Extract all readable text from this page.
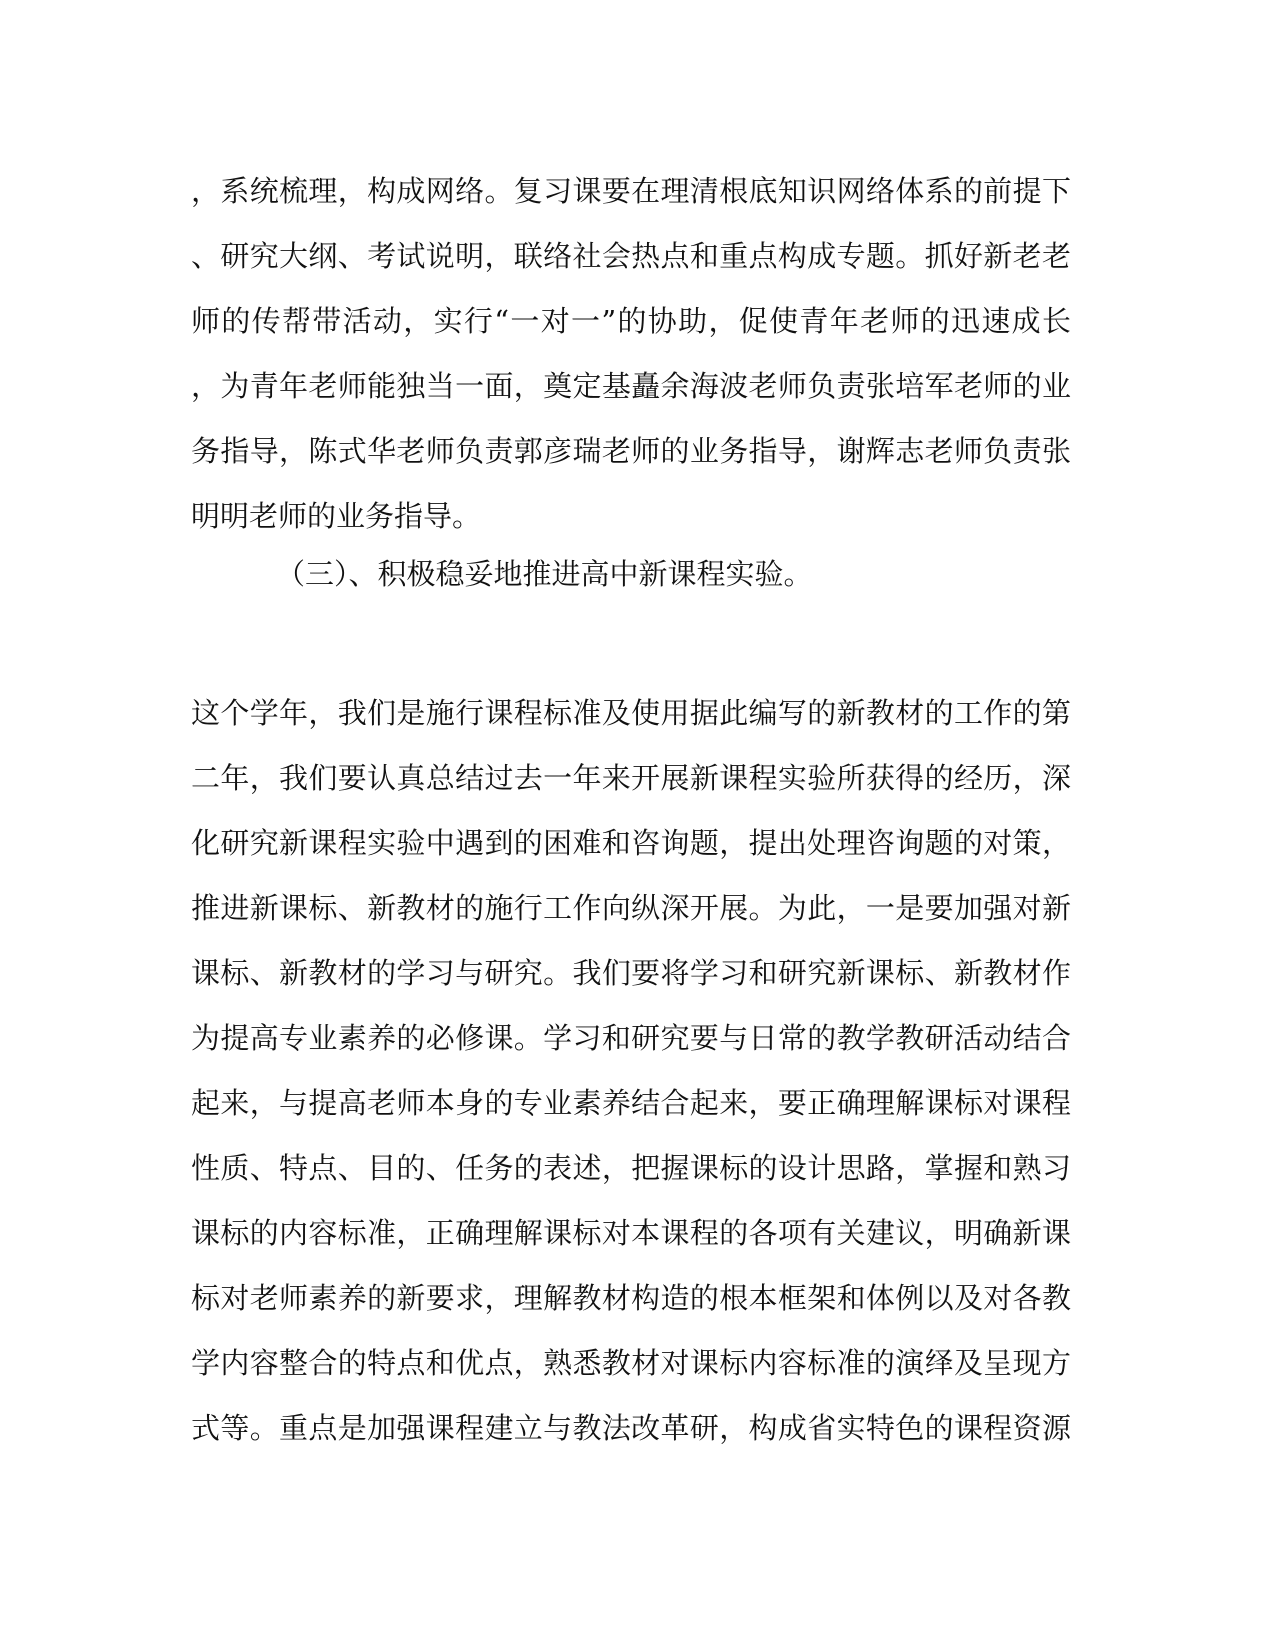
，系统梳理，构成网络。复习课要在理清根底知识网络体系的前提下
、研究大纲、考试说明，联络社会热点和重点构成专题。抓好新老老
师的传帮带活动，实行“一对一”的协助，促使青年老师的迅速成长
，为青年老师能独当一面，奠定基矗余海波老师负责张培军老师的业
务指导，陈式华老师负责郭彦瑞老师的业务指导，谢辉志老师负责张
明明老师的业务指导。
（三）、积极稳妥地推进高中新课程实验。
这个学年，我们是施行课程标准及使用据此编写的新教材的工作的第
二年，我们要认真总结过去一年来开展新课程实验所获得的经历，深
化研究新课程实验中遇到的困难和咨询题，提出处理咨询题的对策，
推进新课标、新教材的施行工作向纵深开展。为此，一是要加强对新
课标、新教材的学习与研究。我们要将学习和研究新课标、新教材作
为提高专业素养的必修课。学习和研究要与日常的教学教研活动结合
起来，与提高老师本身的专业素养结合起来，要正确理解课标对课程
性质、特点、目的、任务的表述，把握课标的设计思路，掌握和熟习
课标的内容标准，正确理解课标对本课程的各项有关建议，明确新课
标对老师素养的新要求，理解教材构造的根本框架和体例以及对各教
学内容整合的特点和优点，熟悉教材对课标内容标准的演绎及呈现方
式等。重点是加强课程建立与教法改革研，构成省实特色的课程资源
